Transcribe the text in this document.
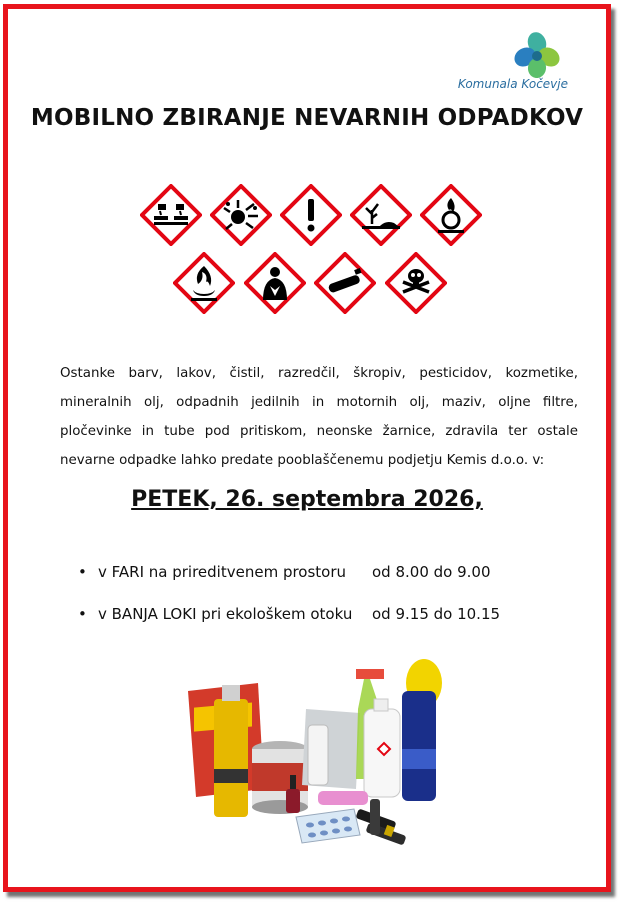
Komunala Kočevje
MOBILNO ZBIRANJE NEVARNIH ODPADKOV
Ostanke barv, lakov, čistil, razredčil, škropiv, pesticidov, kozmetike, mineralnih olj, odpadnih jedilnih in motornih olj, maziv, oljne filtre, pločevinke in tube pod pritiskom, neonske žarnice, zdravila ter ostale nevarne odpadke lahko predate pooblaščenemu podjetju Kemis d.o.o. v:
PETEK, 26. septembra 2026,
• v FARI na prireditvenem prostoru od 8.00 do 9.00
• v BANJA LOKI pri ekološkem otoku od 9.15 do 10.15
